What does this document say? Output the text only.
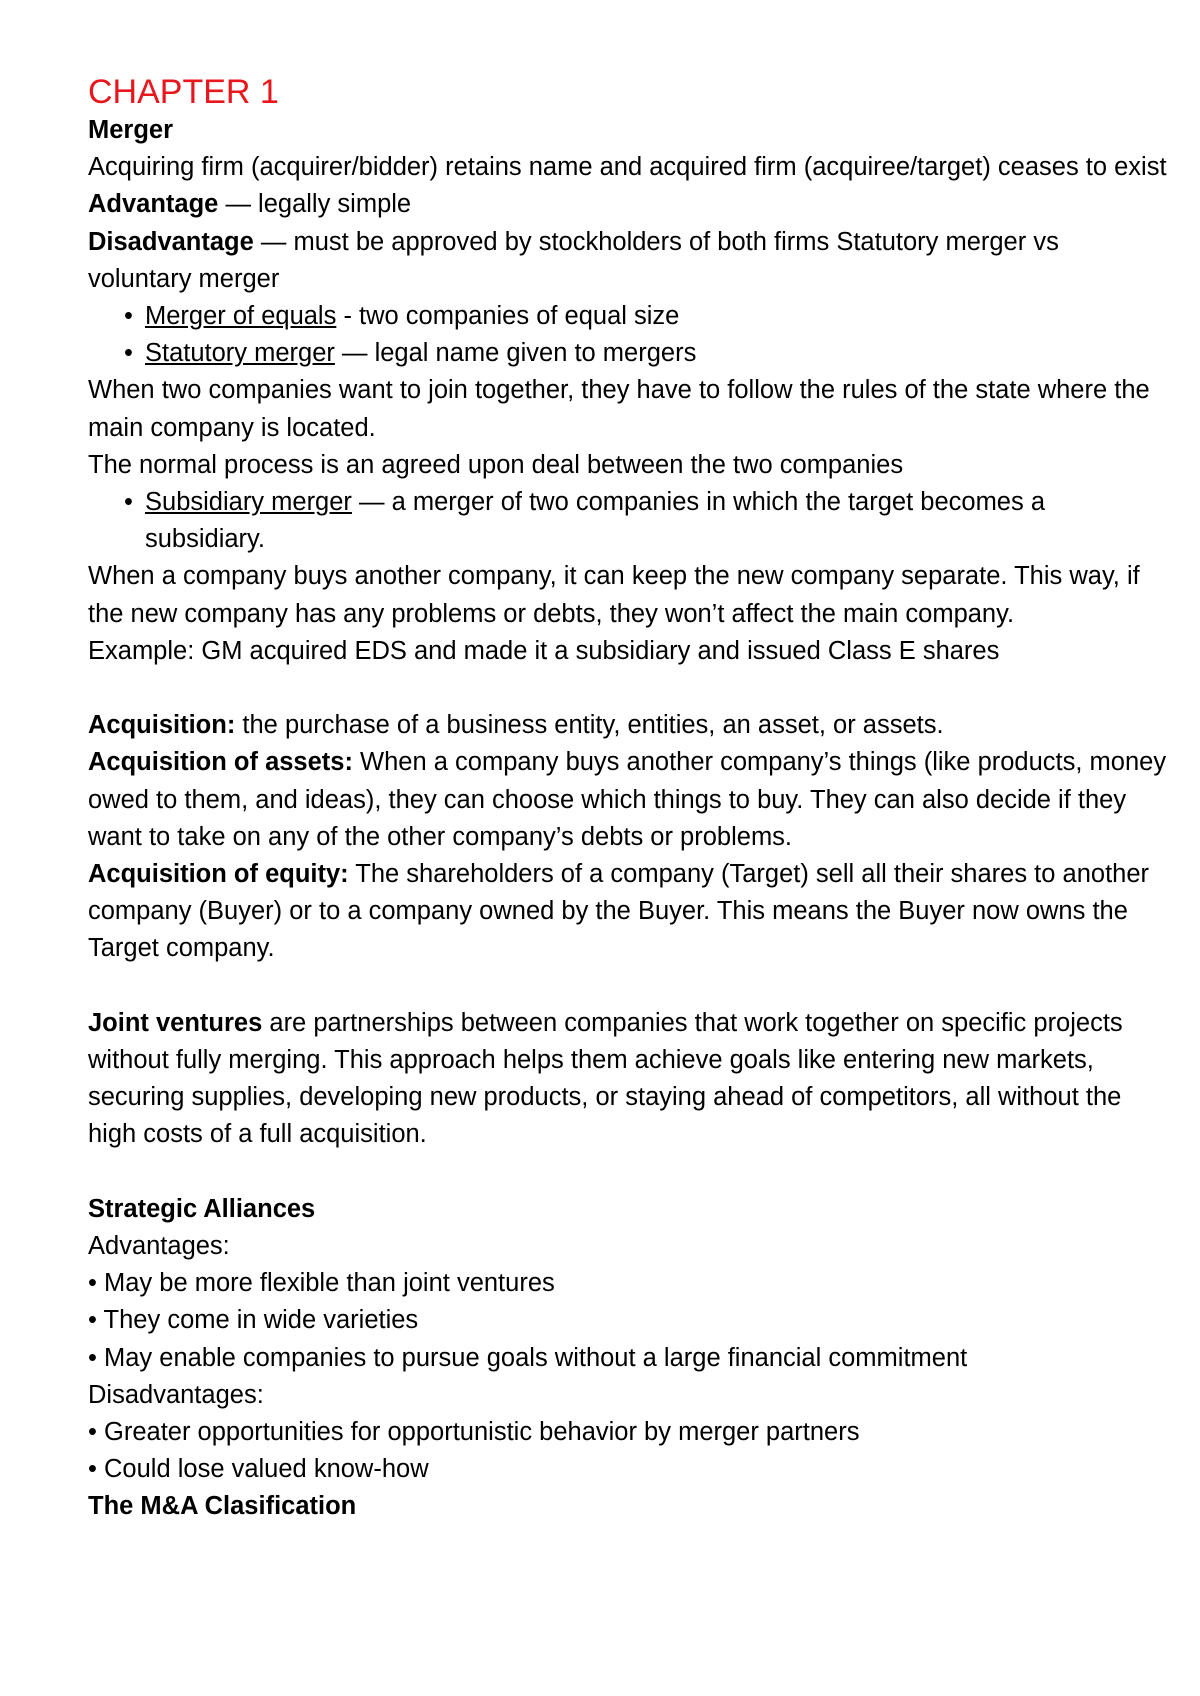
CHAPTER 1

Merger

Acquiring firm (acquirer/bidder) retains name and acquired firm (acquiree/target) ceases to exist

Advantage — legally simple

Disadvantage — must be approved by stockholders of both firms Statutory merger vs voluntary merger

• Merger of equals - two companies of equal size
• Statutory merger — legal name given to mergers

When two companies want to join together, they have to follow the rules of the state where the main company is located.

The normal process is an agreed upon deal between the two companies

• Subsidiary merger — a merger of two companies in which the target becomes a subsidiary.

When a company buys another company, it can keep the new company separate. This way, if the new company has any problems or debts, they won’t affect the main company.

Example: GM acquired EDS and made it a subsidiary and issued Class E shares

Acquisition: the purchase of a business entity, entities, an asset, or assets.

Acquisition of assets: When a company buys another company’s things (like products, money owed to them, and ideas), they can choose which things to buy. They can also decide if they want to take on any of the other company’s debts or problems.

Acquisition of equity: The shareholders of a company (Target) sell all their shares to another company (Buyer) or to a company owned by the Buyer. This means the Buyer now owns the Target company.

Joint ventures are partnerships between companies that work together on specific projects without fully merging. This approach helps them achieve goals like entering new markets, securing supplies, developing new products, or staying ahead of competitors, all without the high costs of a full acquisition.

Strategic Alliances

Advantages:

• May be more flexible than joint ventures

• They come in wide varieties

• May enable companies to pursue goals without a large financial commitment

Disadvantages:

• Greater opportunities for opportunistic behavior by merger partners

• Could lose valued know-how

The M&A Clasification
